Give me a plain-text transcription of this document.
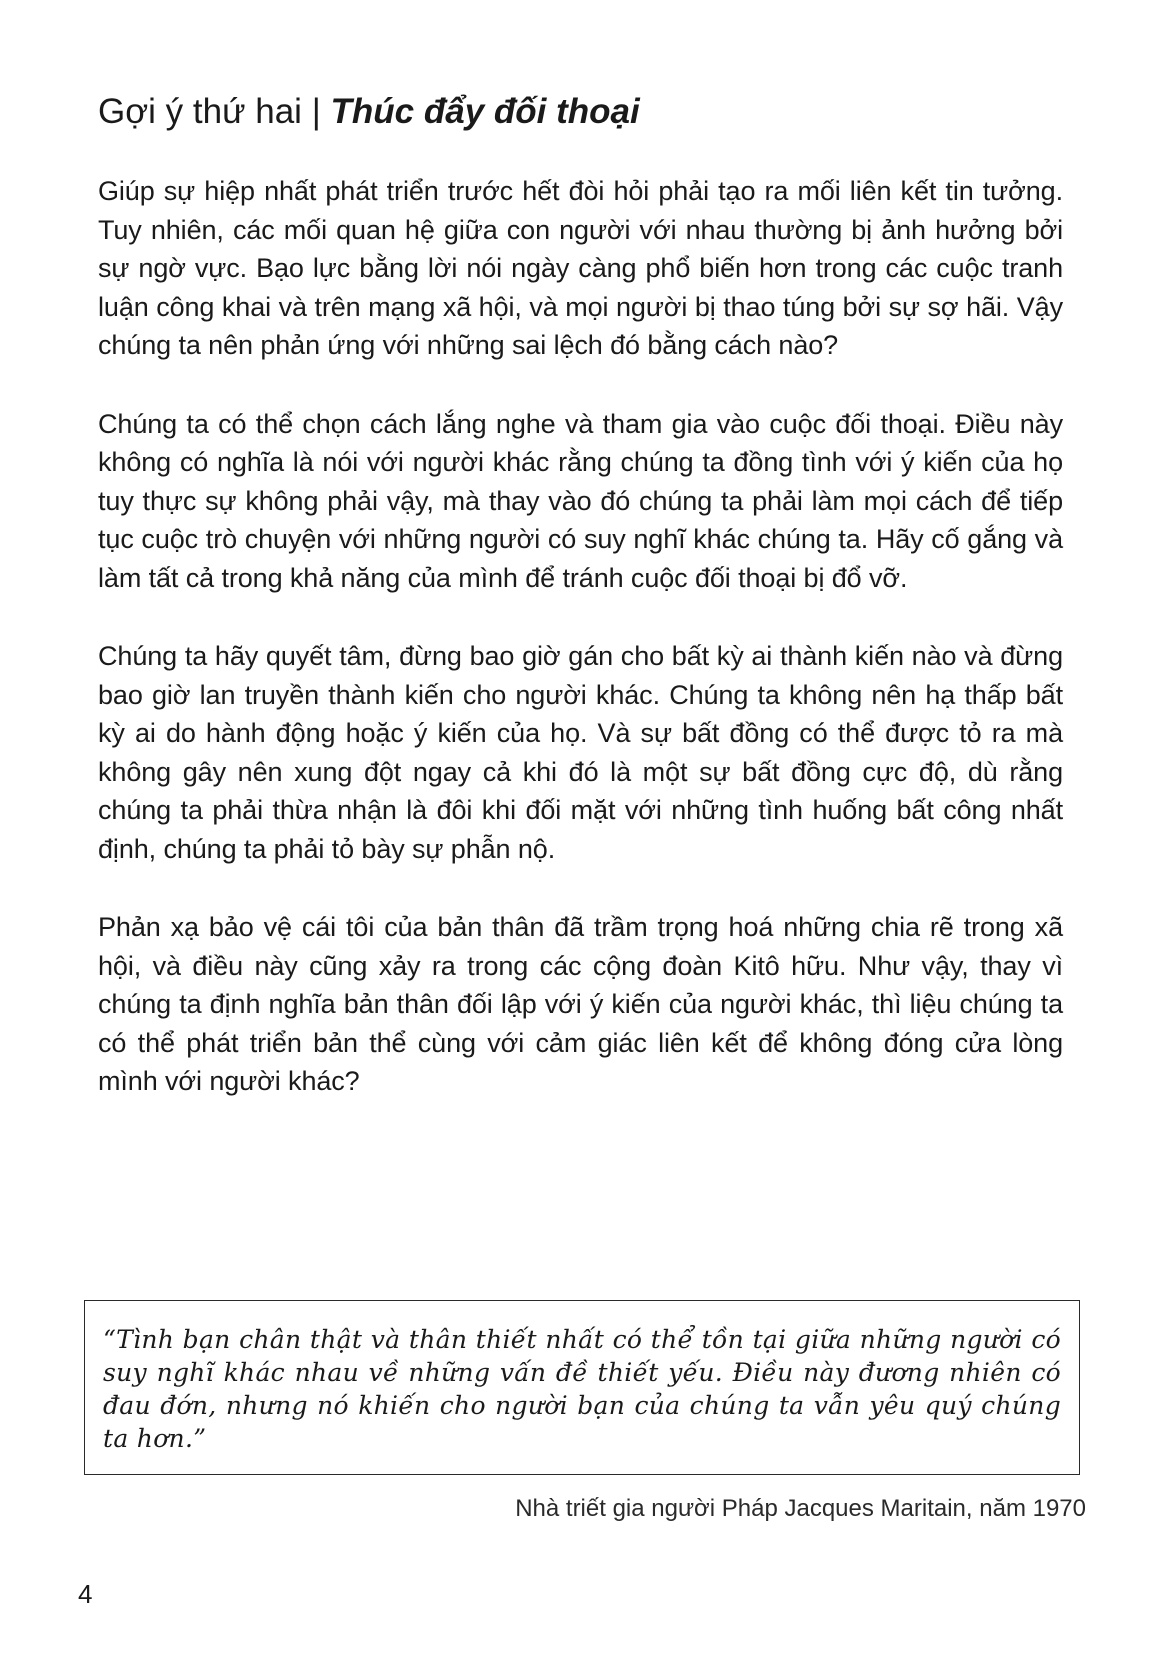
Gợi ý thứ hai | Thúc đẩy đối thoại

Giúp sự hiệp nhất phát triển trước hết đòi hỏi phải tạo ra mối liên kết tin tưởng. Tuy nhiên, các mối quan hệ giữa con người với nhau thường bị ảnh hưởng bởi sự ngờ vực. Bạo lực bằng lời nói ngày càng phổ biến hơn trong các cuộc tranh luận công khai và trên mạng xã hội, và mọi người bị thao túng bởi sự sợ hãi. Vậy chúng ta nên phản ứng với những sai lệch đó bằng cách nào?

Chúng ta có thể chọn cách lắng nghe và tham gia vào cuộc đối thoại. Điều này không có nghĩa là nói với người khác rằng chúng ta đồng tình với ý kiến của họ tuy thực sự không phải vậy, mà thay vào đó chúng ta phải làm mọi cách để tiếp tục cuộc trò chuyện với những người có suy nghĩ khác chúng ta. Hãy cố gắng và làm tất cả trong khả năng của mình để tránh cuộc đối thoại bị đổ vỡ.

Chúng ta hãy quyết tâm, đừng bao giờ gán cho bất kỳ ai thành kiến nào và đừng bao giờ lan truyền thành kiến cho người khác. Chúng ta không nên hạ thấp bất kỳ ai do hành động hoặc ý kiến của họ. Và sự bất đồng có thể được tỏ ra mà không gây nên xung đột ngay cả khi đó là một sự bất đồng cực độ, dù rằng chúng ta phải thừa nhận là đôi khi đối mặt với những tình huống bất công nhất định, chúng ta phải tỏ bày sự phẫn nộ.

Phản xạ bảo vệ cái tôi của bản thân đã trầm trọng hoá những chia rẽ trong xã hội, và điều này cũng xảy ra trong các cộng đoàn Kitô hữu. Như vậy, thay vì chúng ta định nghĩa bản thân đối lập với ý kiến của người khác, thì liệu chúng ta có thể phát triển bản thể cùng với cảm giác liên kết để không đóng cửa lòng mình với người khác?

“Tình bạn chân thật và thân thiết nhất có thể tồn tại giữa những người có suy nghĩ khác nhau về những vấn đề thiết yếu. Điều này đương nhiên có đau đớn, nhưng nó khiến cho người bạn của chúng ta vẫn yêu quý chúng ta hơn.”

Nhà triết gia người Pháp Jacques Maritain, năm 1970
4
